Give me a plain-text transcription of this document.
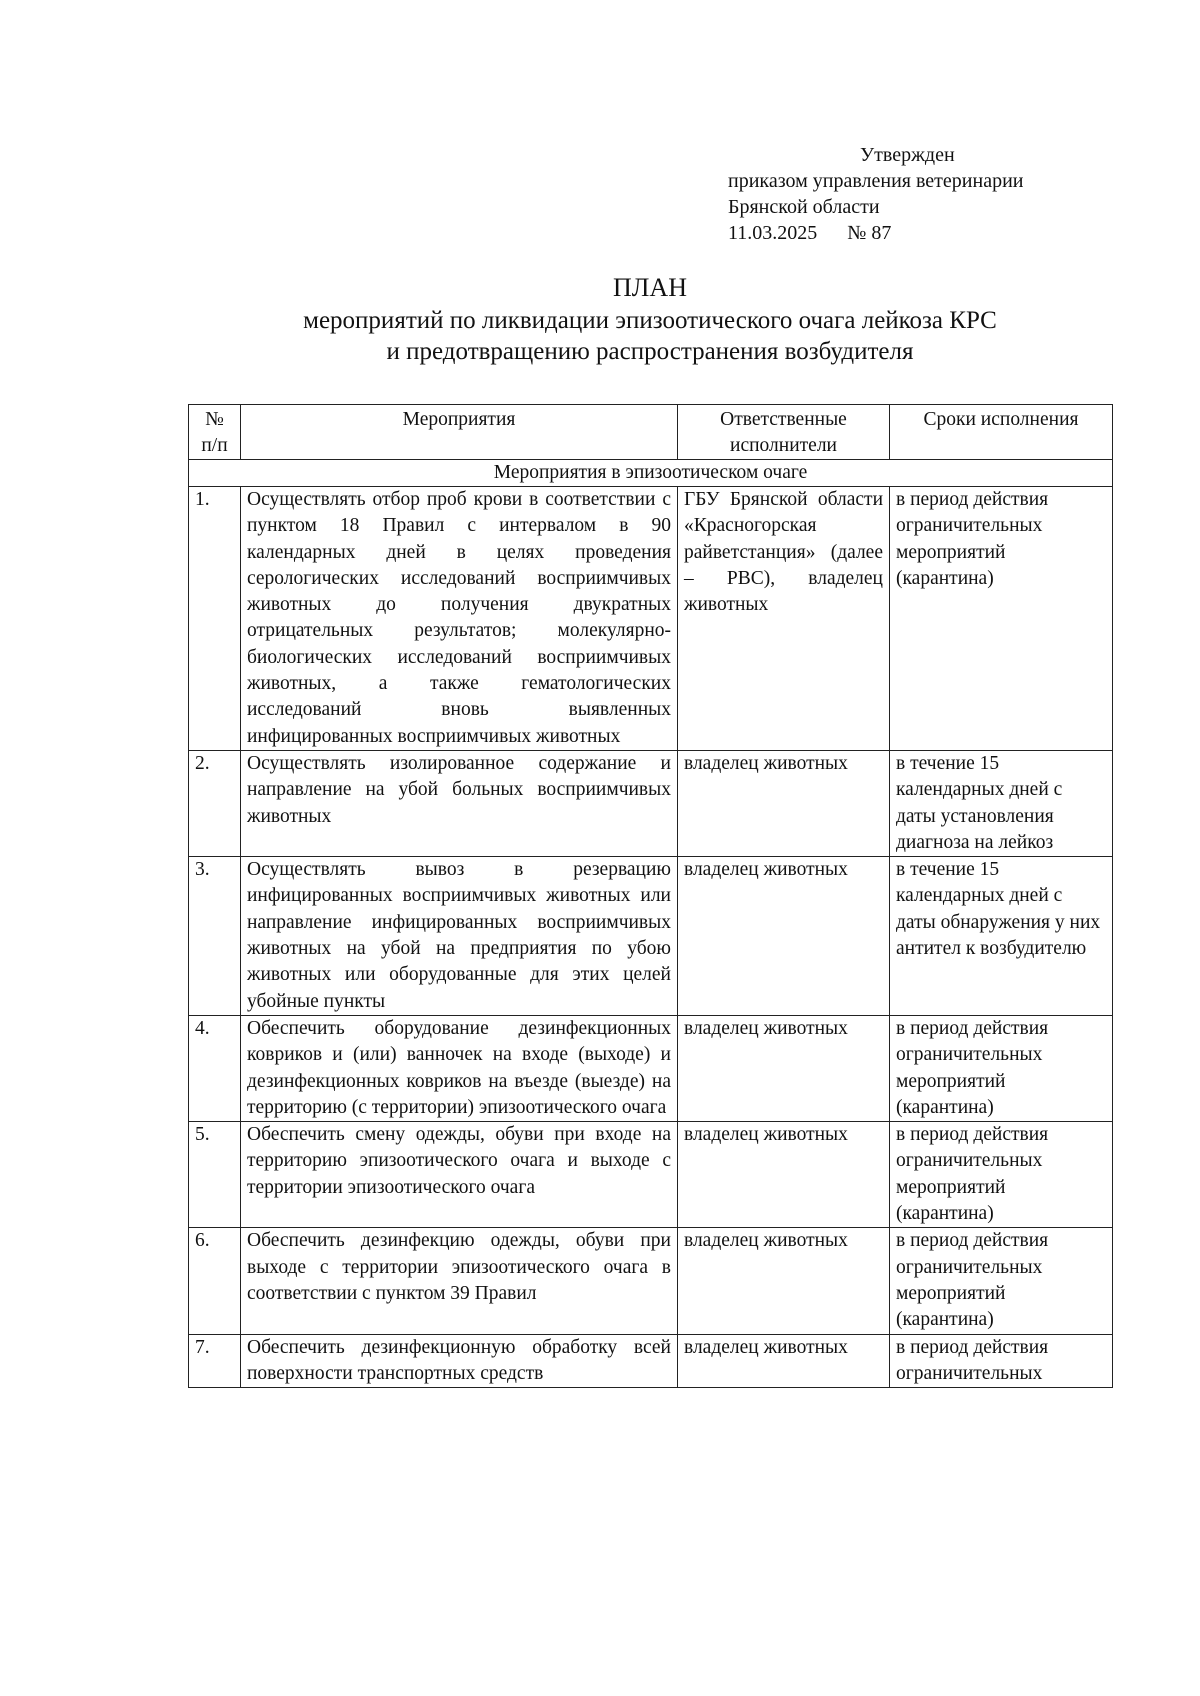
Утвержден
приказом управления ветеринарии
Брянской области
11.03.2025 № 87
ПЛАН
мероприятий по ликвидации эпизоотического очага лейкоза КРС
и предотвращению распространения возбудителя
№
п/п	Мероприятия	Ответственные исполнители	Сроки исполнения
Мероприятия в эпизоотическом очаге			
1.	Осуществлять отбор проб крови в соответствии с пунктом 18 Правил с интервалом в 90 календарных дней в целях проведения серологических исследований восприимчивых животных до получения двукратных отрицательных результатов; молекулярно-биологических исследований восприимчивых животных, а также гематологических исследований вновь выявленных инфицированных восприимчивых животных	ГБУ Брянской области «Красногорская райветстанция» (далее – РВС), владелец животных	в период действия ограничительных мероприятий (карантина)
2.	Осуществлять изолированное содержание и направление на убой больных восприимчивых животных	владелец животных	в течение 15 календарных дней с даты установления диагноза на лейкоз
3.	Осуществлять вывоз в резервацию инфицированных восприимчивых животных или направление инфицированных восприимчивых животных на убой на предприятия по убою животных или оборудованные для этих целей убойные пункты	владелец животных	в течение 15 календарных дней с даты обнаружения у них антител к возбудителю
4.	Обеспечить оборудование дезинфекционных ковриков и (или) ванночек на входе (выходе) и дезинфекционных ковриков на въезде (выезде) на территорию (с территории) эпизоотического очага	владелец животных	в период действия ограничительных мероприятий (карантина)
5.	Обеспечить смену одежды, обуви при входе на территорию эпизоотического очага и выходе с территории эпизоотического очага	владелец животных	в период действия ограничительных мероприятий (карантина)
6.	Обеспечить дезинфекцию одежды, обуви при выходе с территории эпизоотического очага в соответствии с пунктом 39 Правил	владелец животных	в период действия ограничительных мероприятий (карантина)
7.	Обеспечить дезинфекционную обработку всей поверхности транспортных средств	владелец животных	в период действия ограничительных
